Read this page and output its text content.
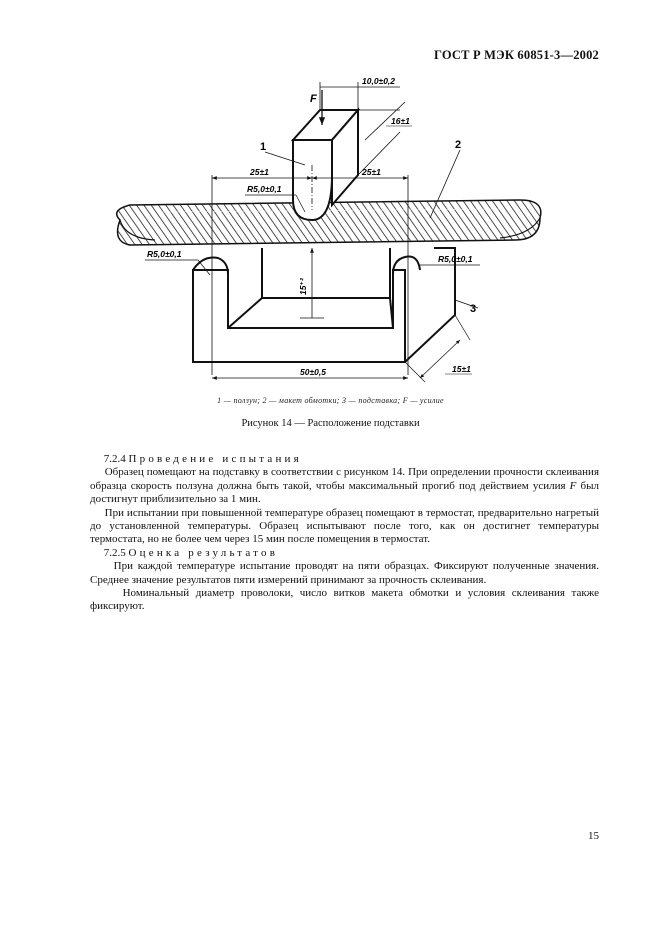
ГОСТ Р МЭК 60851-3—2002
F
10,0±0,2
16±1
25±1	25±1
R5,0±0,1
R5,0±0,1	R5,0±0,1
15⁺²
50±0,5	15±1
1	2
3
1 — ползун; 2 — макет обмотки; 3 — подставка; F — усилие
Рисунок 14 — Расположение подставки

7.2.4 Проведение испытания

Образец помещают на подставку в соответствии с рисунком 14. При определении прочности склеивания образца скорость ползуна должна быть такой, чтобы максимальный прогиб под действием усилия F был достигнут приблизительно за 1 мин.

При испытании при повышенной температуре образец помещают в термостат, предварительно нагретый до установленной температуры. Образец испытывают после того, как он достигнет температуры термостата, но не более чем через 15 мин после помещения в термостат.

7.2.5 Оценка результатов

При каждой температуре испытание проводят на пяти образцах. Фиксируют полученные значения. Среднее значение результатов пяти измерений принимают за прочность склеивания.

Номинальный диаметр проволоки, число витков макета обмотки и условия склеивания также фиксируют.

15
